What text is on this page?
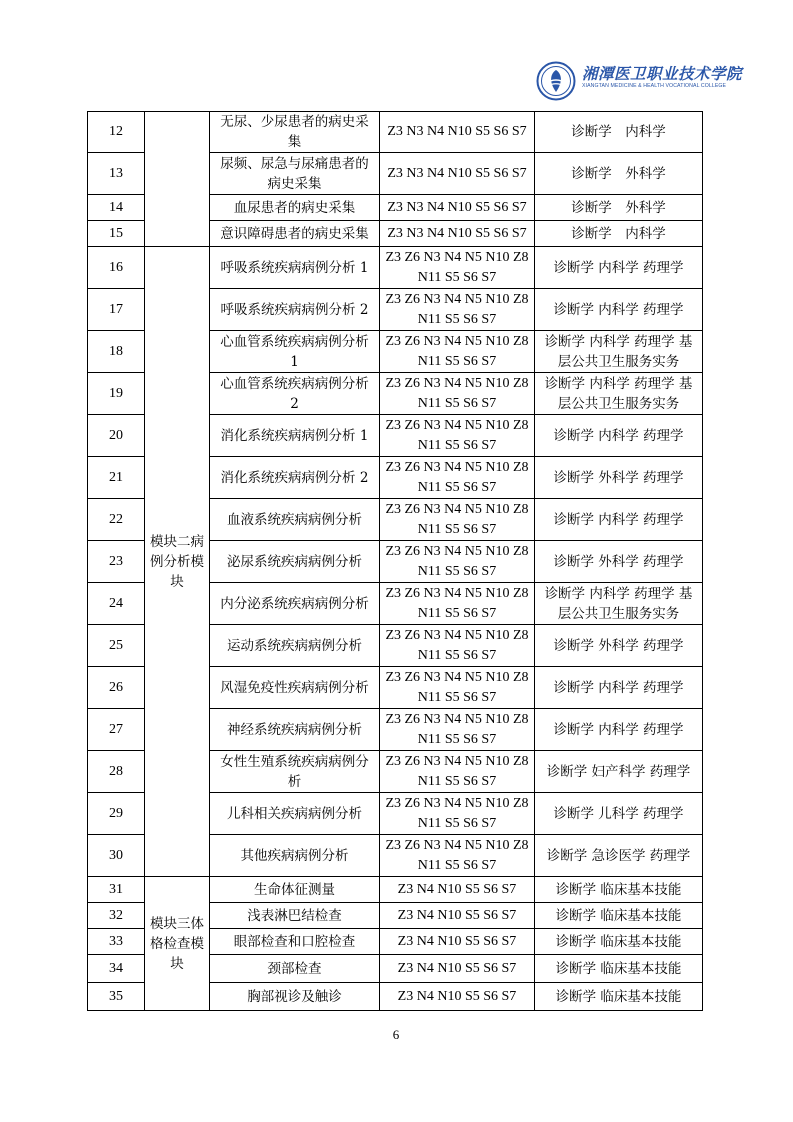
湘潭医卫职业技术学院
XIANGTAN MEDICINE & HEALTH VOCATIONAL COLLEGE
12		无尿、少尿患者的病史采集	Z3 N3 N4 N10 S5 S6 S7	诊断学　内科学
13		尿频、尿急与尿痛患者的病史采集	Z3 N3 N4 N10 S5 S6 S7	诊断学　外科学
14		血尿患者的病史采集	Z3 N3 N4 N10 S5 S6 S7	诊断学　外科学
15		意识障碍患者的病史采集	Z3 N3 N4 N10 S5 S6 S7	诊断学　内科学
16	模块二病例分析模块	呼吸系统疾病病例分析 1	Z3 Z6 N3 N4 N5 N10 Z8 N11 S5 S6 S7	诊断学 内科学 药理学
17		呼吸系统疾病病例分析 2	Z3 Z6 N3 N4 N5 N10 Z8 N11 S5 S6 S7	诊断学 内科学 药理学
18		心血管系统疾病病例分析 1	Z3 Z6 N3 N4 N5 N10 Z8 N11 S5 S6 S7	诊断学 内科学 药理学 基层公共卫生服务实务
19		心血管系统疾病病例分析 2	Z3 Z6 N3 N4 N5 N10 Z8 N11 S5 S6 S7	诊断学 内科学 药理学 基层公共卫生服务实务
20		消化系统疾病病例分析 1	Z3 Z6 N3 N4 N5 N10 Z8 N11 S5 S6 S7	诊断学 内科学 药理学
21		消化系统疾病病例分析 2	Z3 Z6 N3 N4 N5 N10 Z8 N11 S5 S6 S7	诊断学 外科学 药理学
22		血液系统疾病病例分析	Z3 Z6 N3 N4 N5 N10 Z8 N11 S5 S6 S7	诊断学 内科学 药理学
23		泌尿系统疾病病例分析	Z3 Z6 N3 N4 N5 N10 Z8 N11 S5 S6 S7	诊断学 外科学 药理学
24		内分泌系统疾病病例分析	Z3 Z6 N3 N4 N5 N10 Z8 N11 S5 S6 S7	诊断学 内科学 药理学 基层公共卫生服务实务
25		运动系统疾病病例分析	Z3 Z6 N3 N4 N5 N10 Z8 N11 S5 S6 S7	诊断学 外科学 药理学
26		风湿免疫性疾病病例分析	Z3 Z6 N3 N4 N5 N10 Z8 N11 S5 S6 S7	诊断学 内科学 药理学
27		神经系统疾病病例分析	Z3 Z6 N3 N4 N5 N10 Z8 N11 S5 S6 S7	诊断学 内科学 药理学
28		女性生殖系统疾病病例分析	Z3 Z6 N3 N4 N5 N10 Z8 N11 S5 S6 S7	诊断学 妇产科学 药理学
29		儿科相关疾病病例分析	Z3 Z6 N3 N4 N5 N10 Z8 N11 S5 S6 S7	诊断学 儿科学 药理学
30		其他疾病病例分析	Z3 Z6 N3 N4 N5 N10 Z8 N11 S5 S6 S7	诊断学 急诊医学 药理学
31	模块三体格检查模块	生命体征测量	Z3 N4 N10 S5 S6 S7	诊断学 临床基本技能
32		浅表淋巴结检查	Z3 N4 N10 S5 S6 S7	诊断学 临床基本技能
33		眼部检查和口腔检查	Z3 N4 N10 S5 S6 S7	诊断学 临床基本技能
34		颈部检查	Z3 N4 N10 S5 S6 S7	诊断学 临床基本技能
35		胸部视诊及触诊	Z3 N4 N10 S5 S6 S7	诊断学 临床基本技能
6
